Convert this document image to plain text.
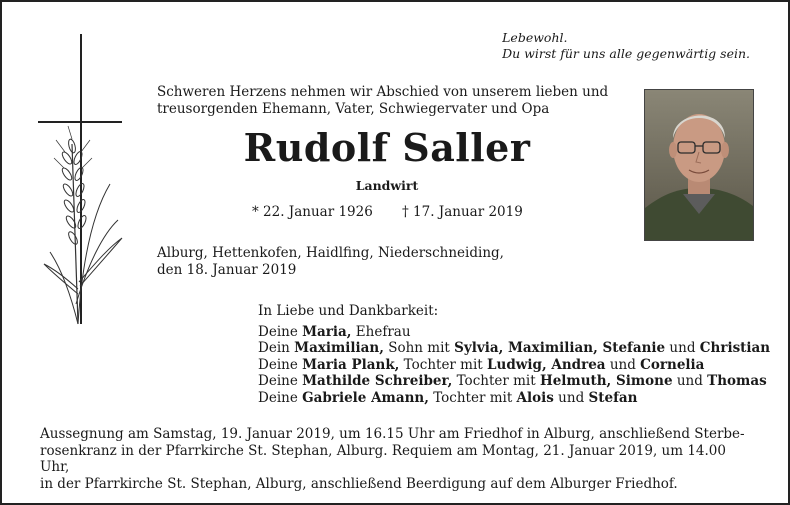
Lebewohl.
Du wirst für uns alle gegenwärtig sein.
Schweren Herzens nehmen wir Abschied von unserem lieben und
treusorgenden Ehemann, Vater, Schwiegervater und Opa
Rudolf Saller
Landwirt
* 22. Januar 1926 † 17. Januar 2019
Alburg, Hettenkofen, Haidlfing, Niederschneiding,
den 18. Januar 2019
In Liebe und Dankbarkeit:
Deine Maria, Ehefrau
Dein Maximilian, Sohn mit Sylvia, Maximilian, Stefanie und Christian
Deine Maria Plank, Tochter mit Ludwig, Andrea und Cornelia
Deine Mathilde Schreiber, Tochter mit Helmuth, Simone und Thomas
Deine Gabriele Amann, Tochter mit Alois und Stefan
Aussegnung am Samstag, 19. Januar 2019, um 16.15 Uhr am Friedhof in Alburg, anschließend Sterbe-
rosenkranz in der Pfarrkirche St. Stephan, Alburg. Requiem am Montag, 21. Januar 2019, um 14.00 Uhr,
in der Pfarrkirche St. Stephan, Alburg, anschließend Beerdigung auf dem Alburger Friedhof.
